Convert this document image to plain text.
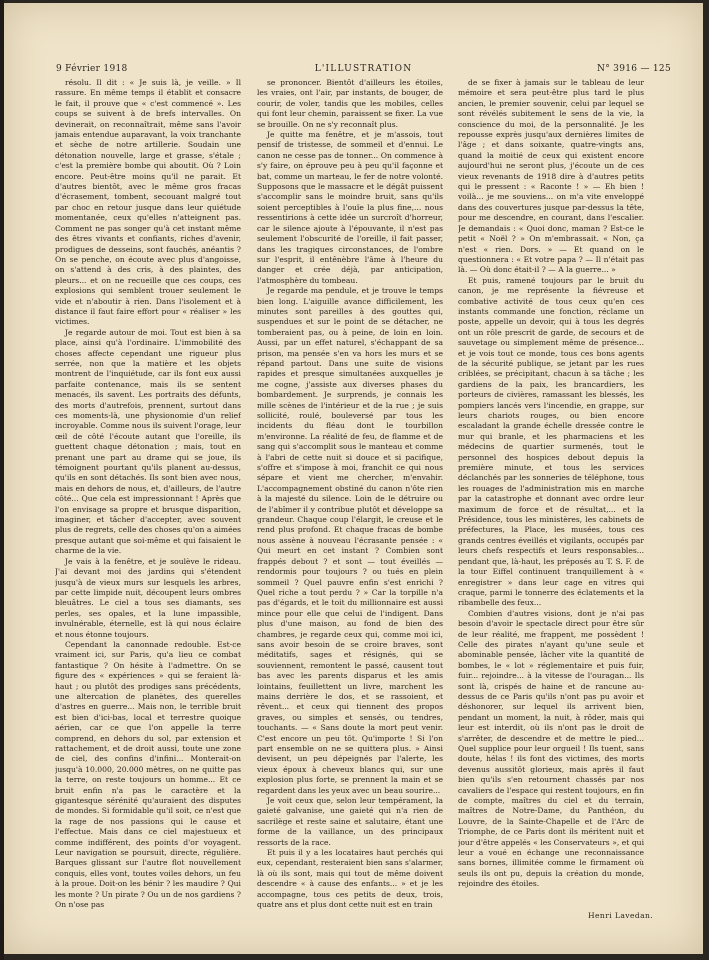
9 Février 1918	L'ILLUSTRATION	N° 3916 — 125

résolu. Il dit : « Je suis là, je veille. » Il rassure. En même temps il établit et consacre le fait, il prouve que « c'est commencé ». Les coups se suivent à de brefs intervalles. On devinerait, on reconnaîtrait, même sans l'avoir jamais entendue auparavant, la voix tranchante et sèche de notre artillerie. Soudain une détonation nouvelle, large et grasse, s'étale ; c'est la première bombe qui aboutit. Où ? Loin encore. Peut-être moins qu'il ne parait. Et d'autres bientôt, avec le même gros fracas d'écrasement, tombent, secouant malgré tout par choc en retour jusque dans leur quiétude momentanée, ceux qu'elles n'atteignent pas. Comment ne pas songer qu'à cet instant même des êtres vivants et confiants, riches d'avenir, prodigues de desseins, sont fauchés, anéantis ? On se penche, on écoute avec plus d'angoisse, on s'attend à des cris, à des plaintes, des pleurs... et on ne recueille que ces coups, ces explosions qui semblent trouer seulement le vide et n'aboutir à rien. Dans l'isolement et à distance il faut faire effort pour « réaliser » les victimes.

Je regarde autour de moi. Tout est bien à sa place, ainsi qu'à l'ordinaire. L'immobilité des choses affecte cependant une rigueur plus serrée, non que la matière et les objets montrent de l'inquiétude, car ils font eux aussi parfaite contenance, mais ils se sentent menacés, ils savent. Les portraits des défunts, des morts d'autrefois, prennent, surtout dans ces moments-là, une physionomie d'un relief incroyable. Comme nous ils suivent l'orage, leur œil de côté l'écoute autant que l'oreille, ils guettent chaque détonation ; mais, tout en prenant une part au drame qui se joue, ils témoignent pourtant qu'ils planent au-dessus, qu'ils en sont détachés. Ils sont bien avec nous, mais en dehors de nous, et, d'ailleurs, de l'autre côté... Que cela est impressionnant ! Après que l'on envisage sa propre et brusque disparition, imaginer, et tâcher d'accepter, avec souvent plus de regrets, celle des choses qu'on a aimées presque autant que soi-même et qui faisaient le charme de la vie.

Je vais à la fenêtre, et je soulève le rideau. J'ai devant moi des jardins qui s'étendent jusqu'à de vieux murs sur lesquels les arbres, par cette limpide nuit, découpent leurs ombres bleuâtres. Le ciel a tous ses diamants, ses perles, ses opales, et la lune impassible, invulnérable, éternelle, est là qui nous éclaire et nous étonne toujours.

Cependant la canonnade redouble. Est-ce vraiment ici, sur Paris, qu'a lieu ce combat fantastique ? On hésite à l'admettre. On se figure des « expériences » qui se feraient là-haut ; ou plutôt des prodiges sans précédents, une altercation de planètes, des querelles d'astres en guerre... Mais non, le terrible bruit est bien d'ici-bas, local et terrestre quoique aérien, car ce que l'on appelle la terre comprend, en dehors du sol, par extension et rattachement, et de droit aussi, toute une zone de ciel, des confins d'infini... Monterait-on jusqu'à 10.000, 20.000 mètres, on ne quitte pas la terre, on reste toujours un homme... Et ce bruit enfin n'a pas le caractère et la gigantesque sérénité qu'auraient des disputes de mondes. Si formidable qu'il soit, ce n'est que la rage de nos passions qui le cause et l'effectue. Mais dans ce ciel majestueux et comme indifférent, des points d'or voyagent. Leur navigation se poursuit, directe, régulière. Barques glissant sur l'autre flot nouvellement conquis, elles vont, toutes voiles dehors, un feu à la proue. Doit-on les bénir ? les maudire ? Qui les monte ? Un pirate ? Ou un de nos gardiens ? On n'ose pas

se prononcer. Bientôt d'ailleurs les étoiles, les vraies, ont l'air, par instants, de bouger, de courir, de voler, tandis que les mobiles, celles qui font leur chemin, paraissent se fixer. La vue se brouille. On ne s'y reconnaît plus.

Je quitte ma fenêtre, et je m'assois, tout pensif de tristesse, de sommeil et d'ennui. Le canon ne cesse pas de tonner... On commence à s'y faire, on éprouve peu à peu qu'il façonne et bat, comme un marteau, le fer de notre volonté. Supposons que le massacre et le dégât puissent s'accomplir sans le moindre bruit, sans qu'ils soient perceptibles à l'ouïe la plus fine,... nous ressentirions à cette idée un surcroît d'horreur, car le silence ajoute à l'épouvante, il n'est pas seulement l'obscurité de l'oreille, il fait passer, dans les tragiques circonstances, de l'ombre sur l'esprit, il entênèbre l'âme à l'heure du danger et crée déjà, par anticipation, l'atmosphère du tombeau.

Je regarde ma pendule, et je trouve le temps bien long. L'aiguille avance difficilement, les minutes sont pareilles à des gouttes qui, suspendues et sur le point de se détacher, ne tomberaient pas, ou à peine, de loin en loin. Aussi, par un effet naturel, s'échappant de sa prison, ma pensée s'en va hors les murs et se répand partout. Dans une suite de visions rapides et presque simultanées auxquelles je me cogne, j'assiste aux diverses phases du bombardement. Je surprends, je connais les mille scènes de l'intérieur et de la rue ; je suis sollicité, roulé, bouleversé par tous les incidents du fléau dont le tourbillon m'environne. La réalité de feu, de flamme et de sang qui s'accomplit sous le manteau et comme à l'abri de cette nuit si douce et si pacifique, s'offre et s'impose à moi, franchit ce qui nous sépare et vient me chercher, m'envahir. L'accompagnement obstiné du canon n'ôte rien à la majesté du silence. Loin de le détruire ou de l'abîmer il y contribue plutôt et développe sa grandeur. Chaque coup l'élargit, le creuse et le rend plus profond. Et chaque fracas de bombe nous assène à nouveau l'écrasante pensée : « Qui meurt en cet instant ? Combien sont frappés debout ? et sont — tout éveillés — rendormis pour toujours ? ou tués en plein sommeil ? Quel pauvre enfin s'est enrichi ? Quel riche a tout perdu ? » Car la torpille n'a pas d'égards, et le toit du millionnaire est aussi mince pour elle que celui de l'indigent. Dans plus d'une maison, au fond de bien des chambres, je regarde ceux qui, comme moi ici, sans avoir besoin de se croire braves, sont méditatifs, sages et résignés, qui se souviennent, remontent le passé, causent tout bas avec les parents disparus et les amis lointains, feuillettent un livre, marchent les mains derrière le dos, et se rassoient, et rêvent... et ceux qui tiennent des propos graves, ou simples et sensés, ou tendres, touchants. — « Sans doute la mort peut venir. C'est encore un peu tôt. Qu'importe ! Si l'on part ensemble on ne se quittera plus. » Ainsi devisent, un peu dépeignés par l'alerte, les vieux époux à cheveux blancs qui, sur une explosion plus forte, se prennent la main et se regardent dans les yeux avec un beau sourire...

Je voit ceux que, selon leur tempérament, la gaieté galvanise, une gaieté qui n'a rien de sacrilège et reste saine et salutaire, étant une forme de la vaillance, un des principaux ressorts de la race.

Et puis il y a les locataires haut perchés qui eux, cependant, resteraient bien sans s'alarmer, là où ils sont, mais qui tout de même doivent descendre « à cause des enfants... » et je les accompagne, tous ces petits de deux, trois, quatre ans et plus dont cette nuit est en train

de se fixer à jamais sur le tableau de leur mémoire et sera peut-être plus tard le plus ancien, le premier souvenir, celui par lequel se sont révélés subitement le sens de la vie, la conscience du moi, de la personnalité. Je les repousse exprès jusqu'aux dernières limites de l'âge ; et dans soixante, quatre-vingts ans, quand la moitié de ceux qui existent encore aujourd'hui ne seront plus, j'écoute un de ces vieux revenants de 1918 dire à d'autres petits qui le pressent : « Raconte ! » — Eh bien ! voilà... je me souviens... on m'a vite enveloppé dans des couvertures jusque par-dessus la tête, pour me descendre, en courant, dans l'escalier. Je demandais : « Quoi donc, maman ? Est-ce le petit « Noël ? » On m'embrassait. « Non, ça n'est « rien. Dors. » — Et quand on le questionnera : « Et votre papa ? — Il n'était pas là. — Où donc était-il ? — A la guerre... »

Et puis, ramené toujours par le bruit du canon, je me représente la fiévreuse et combative activité de tous ceux qu'en ces instants commande une fonction, réclame un poste, appelle un devoir, qui à tous les degrés ont un rôle prescrit de garde, de secours et de sauvetage ou simplement même de présence... et je vois tout ce monde, tous ces bons agents de la sécurité publique, se jetant par les rues criblées, se précipitant, chacun à sa tâche ; les gardiens de la paix, les brancardiers, les porteurs de civières, ramassant les blessés, les pompiers lancés vers l'incendie, en grappe, sur leurs chariots rouges, ou bien encore escaladant la grande échelle dressée contre le mur qui branle, et les pharmaciens et les médecins de quartier surmenés, tout le personnel des hospices debout depuis la première minute, et tous les services déclanchés par les sonneries de téléphone, tous les rouages de l'administration mis en marche par la catastrophe et donnant avec ordre leur maximum de force et de résultat,... et la Présidence, tous les ministères, les cabinets de préfectures, la Place, les musées, tous ces grands centres éveillés et vigilants, occupés par leurs chefs respectifs et leurs responsables... pendant que, là-haut, les préposés au T. S. F. de la tour Eiffel continuent tranquillement à « enregistrer » dans leur cage en vitres qui craque, parmi le tonnerre des éclatements et la ribambelle des feux...

Combien d'autres visions, dont je n'ai pas besoin d'avoir le spectacle direct pour être sûr de leur réalité, me frappent, me possèdent ! Celle des pirates n'ayant qu'une seule et abominable pensée, lâcher vite la quantité de bombes, le « lot » réglementaire et puis fuir, fuir... rejoindre... à la vitesse de l'ouragan... Ils sont là, crispés de haine et de rancune au-dessus de ce Paris qu'ils n'ont pas pu avoir et déshonorer, sur lequel ils arrivent bien, pendant un moment, la nuit, à rôder, mais qui leur est interdit, où ils n'ont pas le droit de s'arrêter, de descendre et de mettre le pied... Quel supplice pour leur orgueil ! Ils tuent, sans doute, hélas ! ils font des victimes, des morts devenus aussitôt glorieux, mais après il faut bien qu'ils s'en retournent chassés par nos cavaliers de l'espace qui restent toujours, en fin de compte, maîtres du ciel et du terrain, maîtres de Notre-Dame, du Panthéon, du Louvre, de la Sainte-Chapelle et de l'Arc de Triomphe, de ce Paris dont ils méritent nuit et jour d'être appelés « les Conservateurs », et qui leur a voué en échange une reconnaissance sans bornes, illimitée comme le firmament où seuls ils ont pu, depuis la création du monde, rejoindre des étoiles.

Henri Lavedan.
